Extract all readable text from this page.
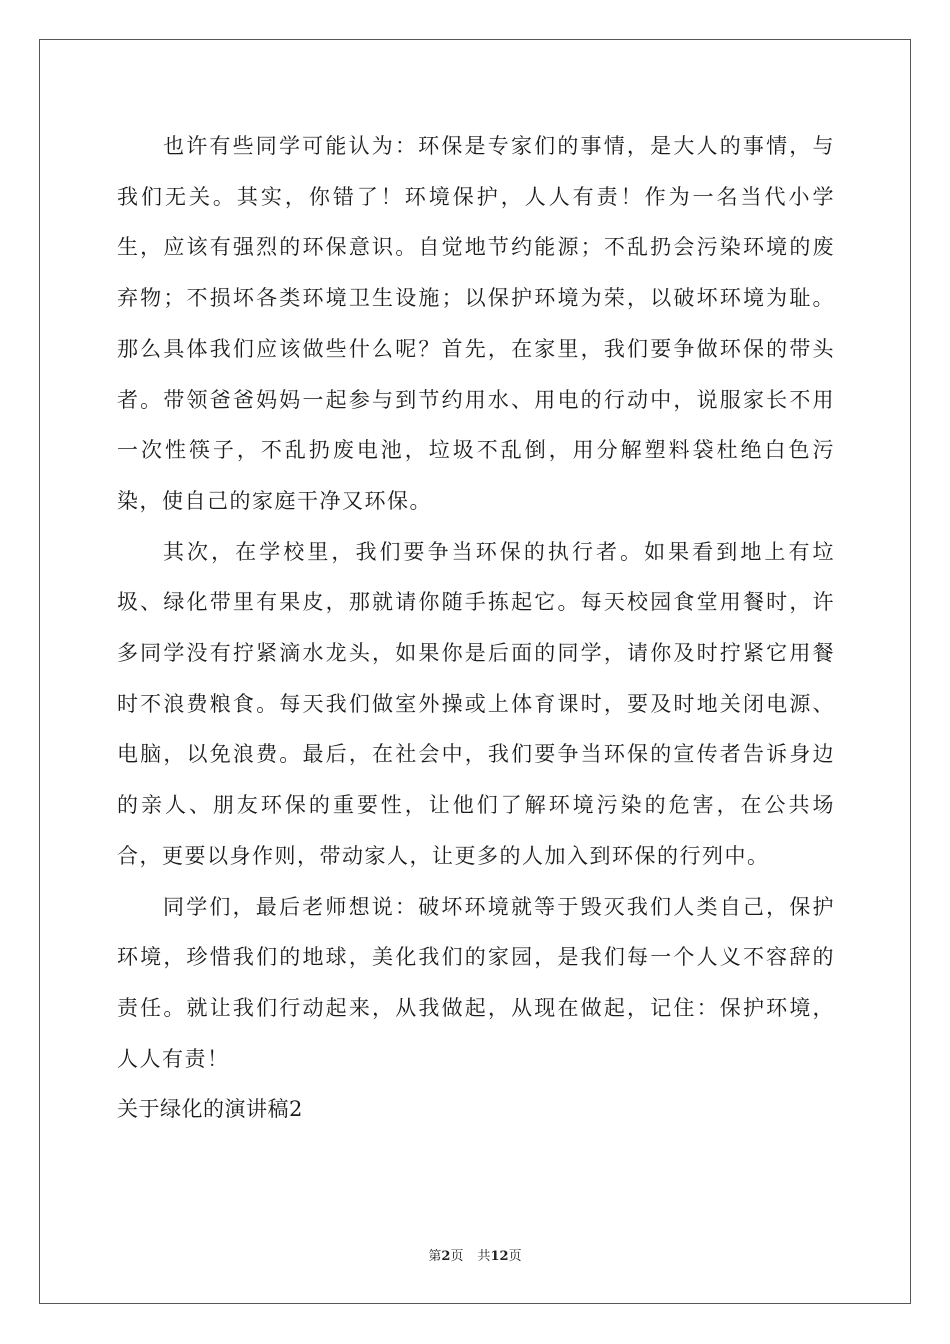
也许有些同学可能认为：环保是专家们的事情，是大人的事情，与我们无关。其实，你错了！环境保护，人人有责！作为一名当代小学生，应该有强烈的环保意识。自觉地节约能源；不乱扔会污染环境的废弃物；不损坏各类环境卫生设施；以保护环境为荣，以破坏环境为耻。那么具体我们应该做些什么呢？首先，在家里，我们要争做环保的带头者。带领爸爸妈妈一起参与到节约用水、用电的行动中，说服家长不用一次性筷子，不乱扔废电池，垃圾不乱倒，用分解塑料袋杜绝白色污染，使自己的家庭干净又环保。

其次，在学校里，我们要争当环保的执行者。如果看到地上有垃圾、绿化带里有果皮，那就请你随手拣起它。每天校园食堂用餐时，许多同学没有拧紧滴水龙头，如果你是后面的同学，请你及时拧紧它用餐时不浪费粮食。每天我们做室外操或上体育课时，要及时地关闭电源、电脑，以免浪费。最后，在社会中，我们要争当环保的宣传者告诉身边的亲人、朋友环保的重要性，让他们了解环境污染的危害，在公共场合，更要以身作则，带动家人，让更多的人加入到环保的行列中。

同学们，最后老师想说：破坏环境就等于毁灭我们人类自己，保护环境，珍惜我们的地球，美化我们的家园，是我们每一个人义不容辞的责任。就让我们行动起来，从我做起，从现在做起，记住：保护环境，人人有责！

关于绿化的演讲稿2

第2页 共12页
